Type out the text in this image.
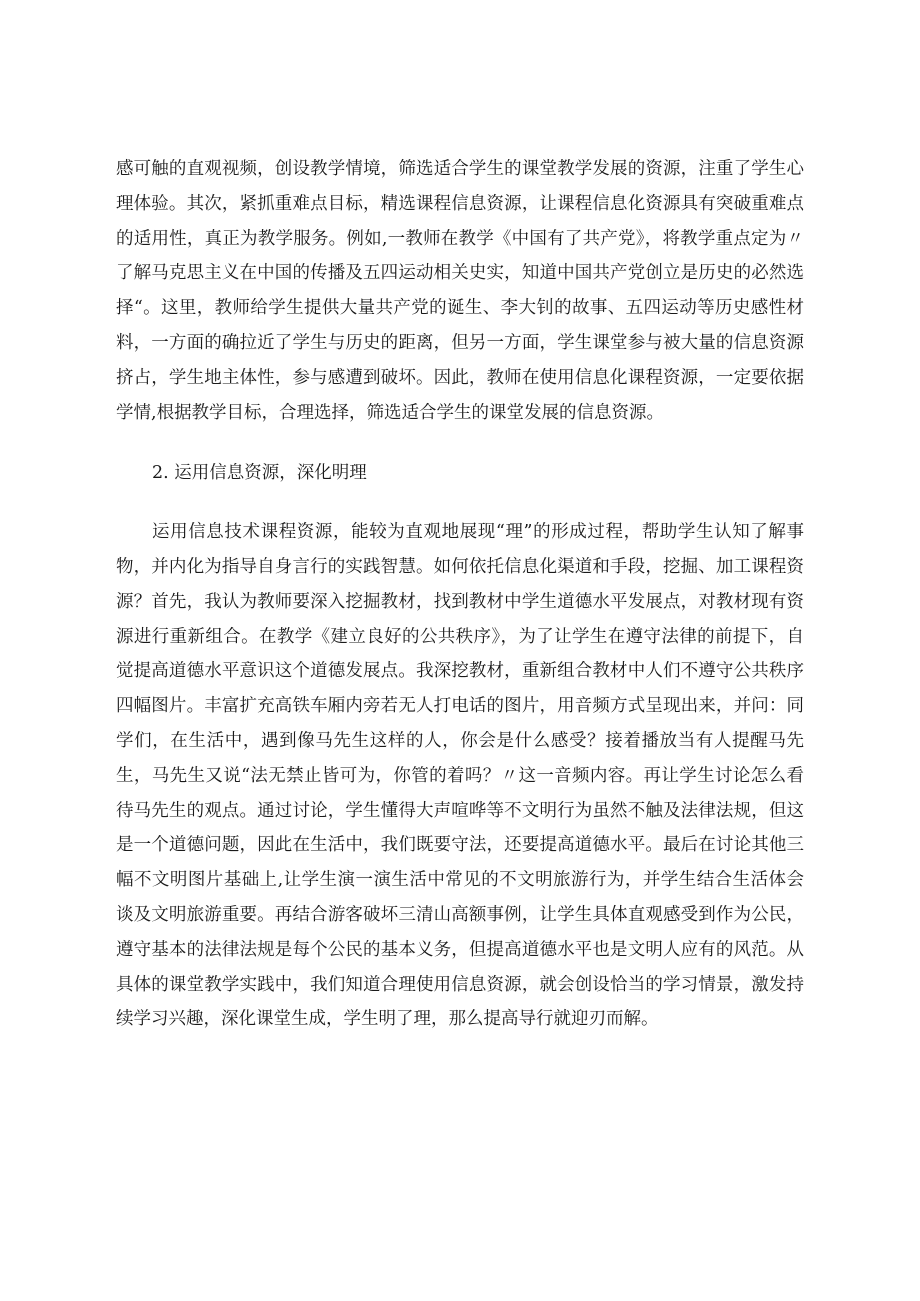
感可触的直观视频，创设教学情境，筛选适合学生的课堂教学发展的资源，注重了学生心理体验。其次，紧抓重难点目标，精选课程信息资源，让课程信息化资源具有突破重难点的适用性，真正为教学服务。例如,一教师在教学《中国有了共产党》，将教学重点定为〃了解马克思主义在中国的传播及五四运动相关史实，知道中国共产党创立是历史的必然选择“。这里，教师给学生提供大量共产党的诞生、李大钊的故事、五四运动等历史感性材料，一方面的确拉近了学生与历史的距离，但另一方面，学生课堂参与被大量的信息资源挤占，学生地主体性，参与感遭到破坏。因此，教师在使用信息化课程资源，一定要依据学情,根据教学目标，合理选择，筛选适合学生的课堂发展的信息资源。

2. 运用信息资源，深化明理

运用信息技术课程资源，能较为直观地展现“理”的形成过程，帮助学生认知了解事物，并内化为指导自身言行的实践智慧。如何依托信息化渠道和手段，挖掘、加工课程资源？首先，我认为教师要深入挖掘教材，找到教材中学生道德水平发展点，对教材现有资源进行重新组合。在教学《建立良好的公共秩序》，为了让学生在遵守法律的前提下，自觉提高道德水平意识这个道德发展点。我深挖教材，重新组合教材中人们不遵守公共秩序四幅图片。丰富扩充高铁车厢内旁若无人打电话的图片，用音频方式呈现出来，并问：同学们，在生活中，遇到像马先生这样的人，你会是什么感受？接着播放当有人提醒马先生，马先生又说“法无禁止皆可为，你管的着吗？〃这一音频内容。再让学生讨论怎么看待马先生的观点。通过讨论，学生懂得大声喧哗等不文明行为虽然不触及法律法规，但这是一个道德问题，因此在生活中，我们既要守法，还要提高道德水平。最后在讨论其他三幅不文明图片基础上,让学生演一演生活中常见的不文明旅游行为，并学生结合生活体会谈及文明旅游重要。再结合游客破坏三清山高额事例，让学生具体直观感受到作为公民，遵守基本的法律法规是每个公民的基本义务，但提高道德水平也是文明人应有的风范。从具体的课堂教学实践中，我们知道合理使用信息资源，就会创设恰当的学习情景，激发持续学习兴趣，深化课堂生成，学生明了理，那么提高导行就迎刃而解。
